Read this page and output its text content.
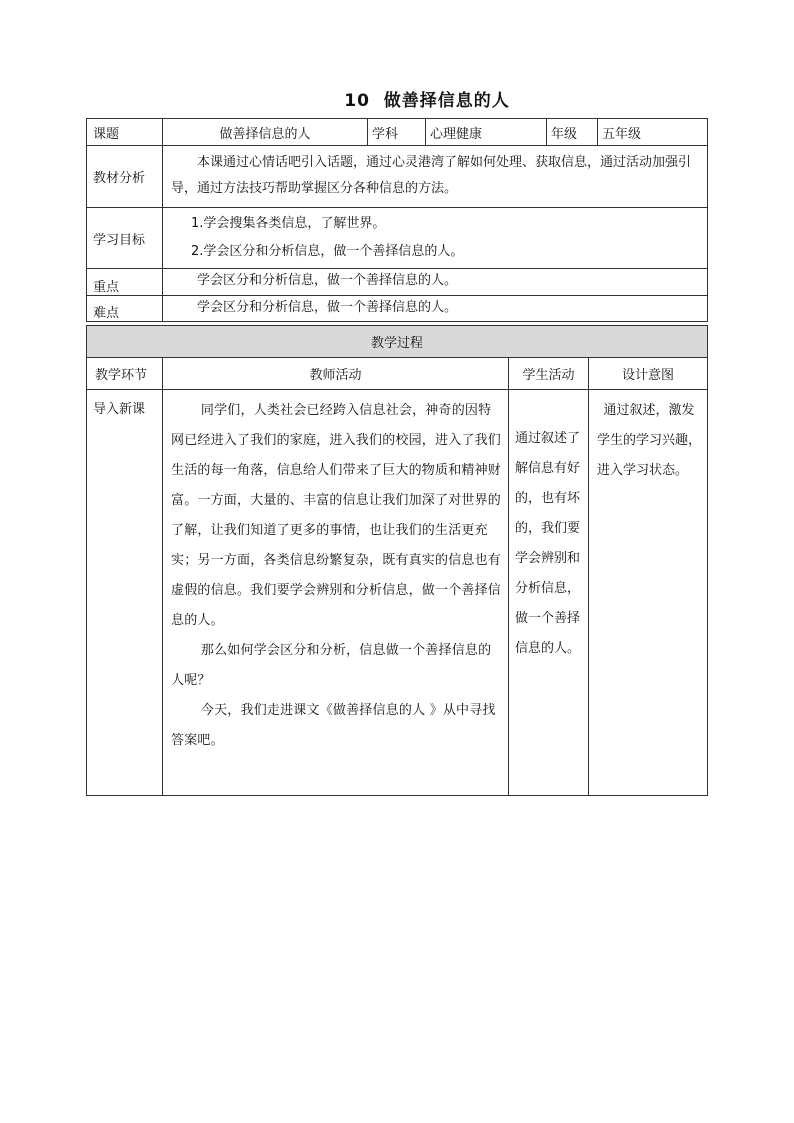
10 做善择信息的人
课题	做善择信息的人	学科	心理健康	年级	五年级
教材分析	本课通过心情话吧引入话题，通过心灵港湾了解如何处理、获取信息，通过活动加强引导，通过方法技巧帮助掌握区分各种信息的方法。				

学习目标	1.学会搜集各类信息，了解世界。
2.学会区分和分析信息，做一个善择信息的人。				

重点	学会区分和分析信息，做一个善择信息的人。				
难点	学会区分和分析信息，做一个善择信息的人。				
教学过程			
教学环节	教师活动	学生活动	设计意图
导入新课	同学们，人类社会已经跨入信息社会，神奇的因特网已经进入了我们的家庭，进入我们的校园，进入了我们生活的每一角落，信息给人们带来了巨大的物质和精神财富。一方面，大量的、丰富的信息让我们加深了对世界的了解，让我们知道了更多的事情，也让我们的生活更充实；另一方面，各类信息纷繁复杂，既有真实的信息也有虚假的信息。我们要学会辨别和分析信息，做一个善择信息的人。

那么如何学会区分和分析，信息做一个善择信息的人呢？

今天，我们走进课文《做善择信息的人 》从中寻找答案吧。	通过叙述了解信息有好的，也有坏的，我们要学会辨别和分析信息，做一个善择信息的人。	通过叙述，激发学生的学习兴趣，进入学习状态。
